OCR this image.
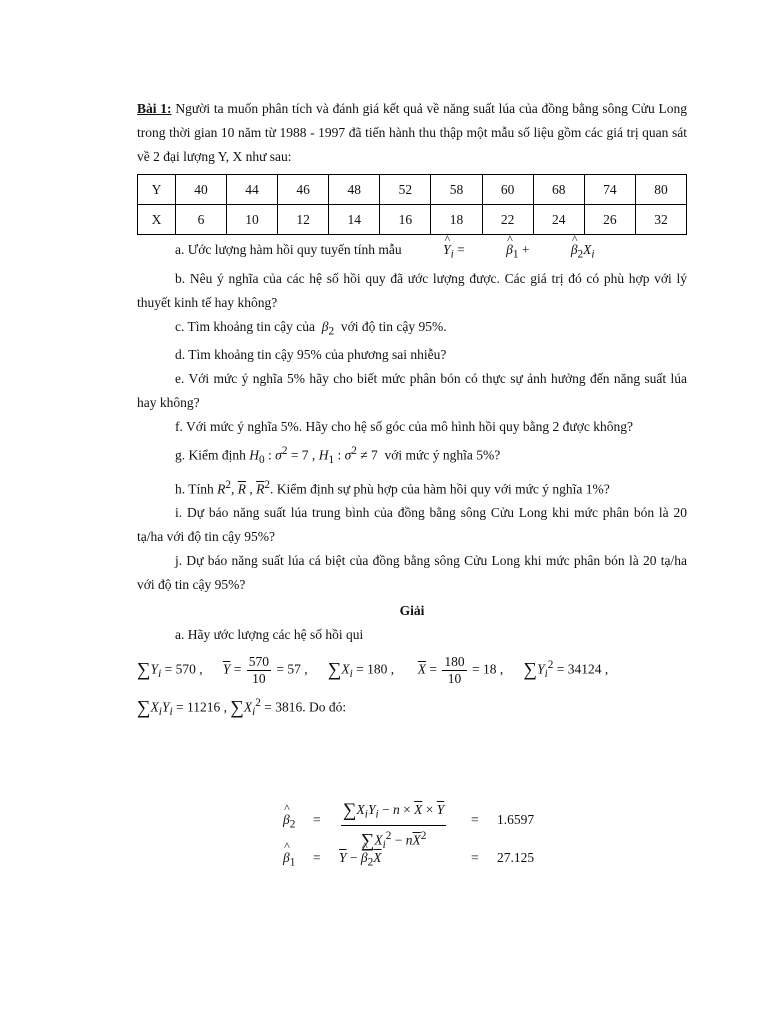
Bài 1: Người ta muốn phân tích và đánh giá kết quả về năng suất lúa của đồng bằng sông Cửu Long trong thời gian 10 năm từ 1988 - 1997 đã tiến hành thu thập một mẫu số liệu gồm các giá trị quan sát về 2 đại lượng Y, X như sau:

Y	40	44	46	48	52	58	60	68	74	80
X	6	10	12	14	16	18	22	24	26	32

a. Ước lượng hàm hồi quy tuyến tính mẫu	^ $Y_i$ =	^ $\beta_1$ +	^ $\beta_2X_i$

b. Nêu ý nghĩa của các hệ số hồi quy đã ước lượng được. Các giá trị đó có phù hợp với lý thuyết kinh tế hay không?

c. Tìm khoảng tin cậy của $\beta_2$ với độ tin cậy 95%.

d. Tìm khoảng tin cậy 95% của phương sai nhiễu?

e. Với mức ý nghĩa 5% hãy cho biết mức phân bón có thực sự ảnh hưởng đến năng suất lúa hay không?

f. Với mức ý nghĩa 5%. Hãy cho hệ số góc của mô hình hồi quy bằng 2 được không?

g. Kiểm định $H_0$ : $\sigma^2 = 7$ , $H_1$ : $\sigma^2 \ne 7$  với mức ý nghĩa 5%?

h. Tính $R^2$, $\overline{R}$ , $\overline{R}^2$. Kiểm định sự phù hợp của hàm hồi quy với mức ý nghĩa 1%?

i. Dự báo năng suất lúa trung bình của đồng bằng sông Cửu Long khi mức phân bón là 20 tạ/ha với độ tin cậy 95%?

j. Dự báo năng suất lúa cá biệt của đồng bằng sông Cửu Long khi mức phân bón là 20 tạ/ha với độ tin cậy 95%?

Giải

a. Hãy ước lượng các hệ số hồi qui

$\sum Y_i = 570$ ,      $\overline{Y} = \frac{570}{10} = 57$ ,      $\sum X_i = 180$ ,       $\overline{X} = \frac{180}{10} = 18$ ,      $\sum Y_i^2 = 34124$ ,
$\sum X_iY_i = 11216$ , $\sum X_i^2 = 3816$. Do đó:
^ $\beta_2 = \sum X_iY_i - n \times \overline{X} \times \overline{Y}$
$\sum X_i^2 - n\overline{X}^2$
= 1.6597
^ $\beta_1 = \overline{Y}$ − ^ $\beta_2\overline{X}$	= 27.125
